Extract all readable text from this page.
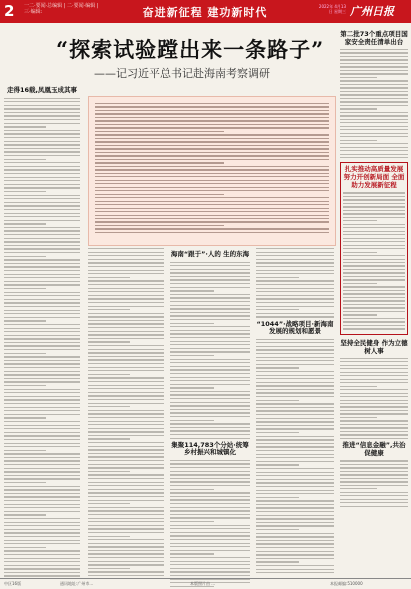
2	一二·要闻·总编辑 | 二·要闻·编辑 | 三·编辑:	奋进新征程 建功新时代	2022年 4月13日 星期三 广州日报
“探索试验蹚出来一条路子”
——记习近平总书记赴海南考察调研
走得16载,凤凰玉成其事
海南“跟于”·人的 生的东海
集聚114,783个分站·统筹乡村振兴和城镇化
“1044”·战略项目·新海南发展的规划和愿景
第二批73个重点项目国家安全责任清单出台
扎实推动高质量发展 努力开创新局面 全面助力发展新征程
坚持全民健身 作为立德树人事
推进“信息金融”,共治促健康
中区16版	通讯地址:广州市...	本版照片由 ...	本报邮编:510000
